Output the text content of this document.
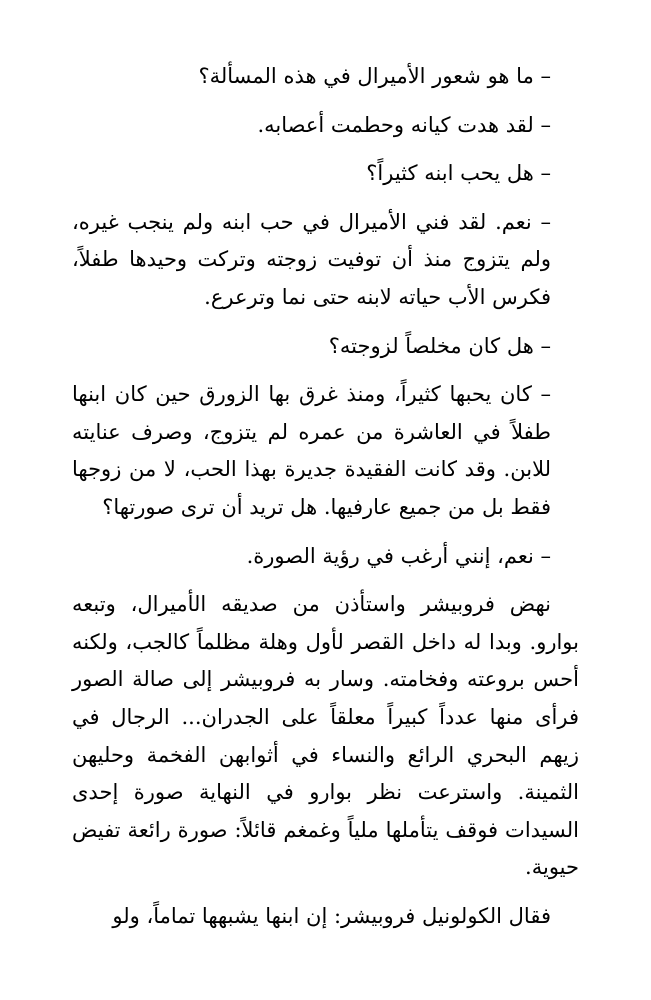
– ما هو شعور الأميرال في هذه المسألة؟

– لقد هدت كيانه وحطمت أعصابه.

– هل يحب ابنه كثيراً؟

– نعم. لقد فني الأميرال في حب ابنه ولم ينجب غيره، ولم يتزوج منذ أن توفيت زوجته وتركت وحيدها طفلاً، فكرس الأب حياته لابنه حتى نما وترعرع.

– هل كان مخلصاً لزوجته؟

– كان يحبها كثيراً، ومنذ غرق بها الزورق حين كان ابنها طفلاً في العاشرة من عمره لم يتزوج، وصرف عنايته للابن. وقد كانت الفقيدة جديرة بهذا الحب، لا من زوجها فقط بل من جميع عارفيها. هل تريد أن ترى صورتها؟

– نعم، إنني أرغب في رؤية الصورة.

نهض فروبيشر واستأذن من صديقه الأميرال، وتبعه بوارو. وبدا له داخل القصر لأول وهلة مظلماً كالجب، ولكنه أحس بروعته وفخامته. وسار به فروبيشر إلى صالة الصور فرأى منها عدداً كبيراً معلقاً على الجدران... الرجال في زيهم البحري الرائع والنساء في أثوابهن الفخمة وحليهن الثمينة. واسترعت نظر بوارو في النهاية صورة إحدى السيدات فوقف يتأملها ملياً وغمغم قائلاً: صورة رائعة تفيض حيوية.

فقال الكولونيل فروبيشر: إن ابنها يشبهها تماماً، ولو
